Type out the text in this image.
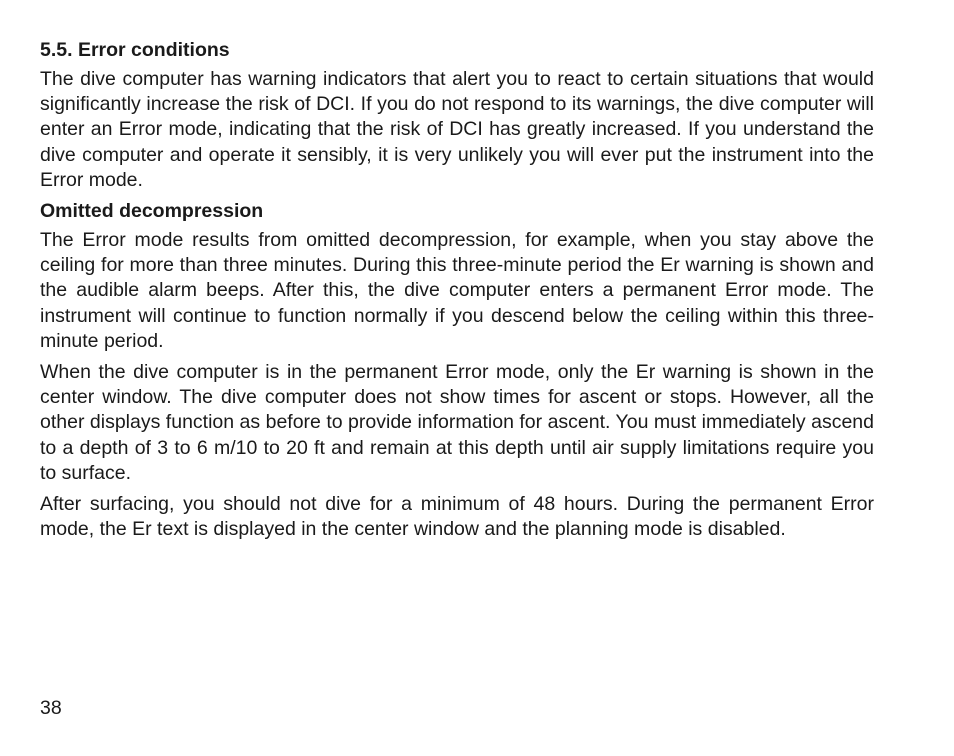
5.5. Error conditions

The dive computer has warning indicators that alert you to react to certain situations that would significantly increase the risk of DCI. If you do not respond to its warnings, the dive computer will enter an Error mode, indicating that the risk of DCI has greatly increased. If you understand the dive computer and operate it sensibly, it is very unlikely you will ever put the instrument into the Error mode.

Omitted decompression

The Error mode results from omitted decompression, for example, when you stay above the ceiling for more than three minutes. During this three-minute period the Er warning is shown and the audible alarm beeps. After this, the dive computer enters a permanent Error mode. The instrument will continue to function normally if you descend below the ceiling within this three-minute period.

When the dive computer is in the permanent Error mode, only the Er warning is shown in the center window. The dive computer does not show times for ascent or stops. However, all the other displays function as before to provide information for ascent. You must immediately ascend to a depth of 3 to 6 m/10 to 20 ft and remain at this depth until air supply limitations require you to surface.

After surfacing, you should not dive for a minimum of 48 hours. During the permanent Error mode, the Er text is displayed in the center window and the planning mode is disabled.

38
